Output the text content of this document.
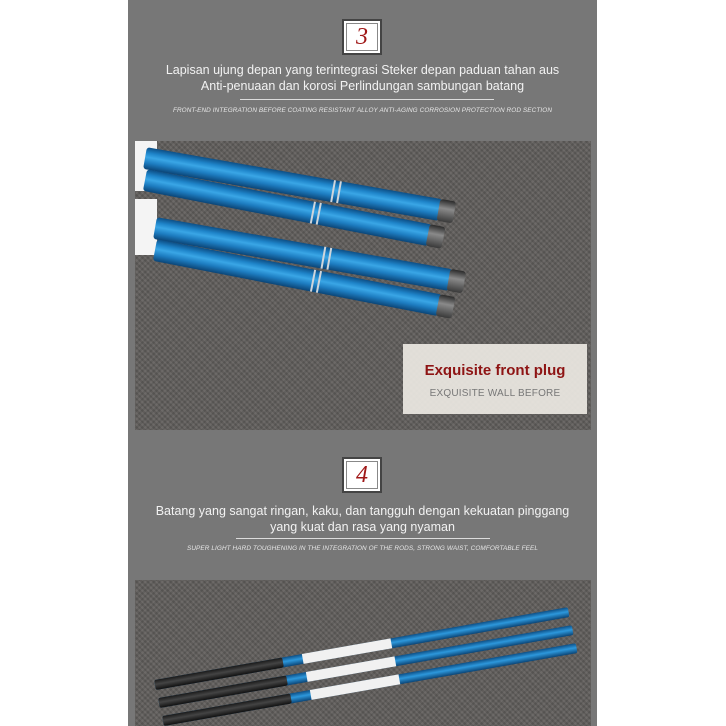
3
Lapisan ujung depan yang terintegrasi Steker depan paduan tahan aus
Anti-penuaan dan korosi Perlindungan sambungan batang
FRONT-END INTEGRATION BEFORE COATING RESISTANT ALLOY ANTI-AGING CORROSION PROTECTION ROD SECTION
Exquisite front plug
EXQUISITE WALL BEFORE
4
Batang yang sangat ringan, kaku, dan tangguh dengan kekuatan pinggang
yang kuat dan rasa yang nyaman
SUPER LIGHT HARD TOUGHENING IN THE INTEGRATION OF THE RODS, STRONG WAIST, COMFORTABLE FEEL
